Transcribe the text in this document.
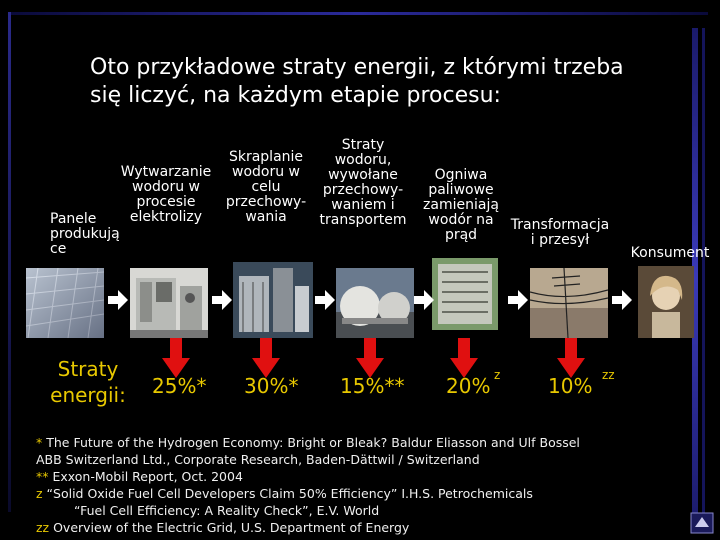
Oto przykładowe straty energii, z którymi trzeba
się liczyć, na każdym etapie procesu:
Panele
produkują
ce
Wytwarzanie
wodoru w
procesie
elektrolizy
Skraplanie
wodoru w
celu
przechowy-
wania
Straty
wodoru,
wywołane
przechowy-
waniem i
transportem
Ogniwa
paliwowe
zamieniają
wodór na
prąd
Transformacja
i przesył
Konsument
Straty energii:	25%* 30%* 15%** 20% z 10% zz
* The Future of the Hydrogen Economy: Bright or Bleak? Baldur Eliasson and Ulf Bossel
ABB Switzerland Ltd., Corporate Research, Baden-Dättwil / Switzerland
** Exxon-Mobil Report, Oct. 2004
z “Solid Oxide Fuel Cell Developers Claim 50% Efficiency” I.H.S. Petrochemicals
“Fuel Cell Efficiency: A Reality Check”, E.V. World
zz Overview of the Electric Grid, U.S. Department of Energy
